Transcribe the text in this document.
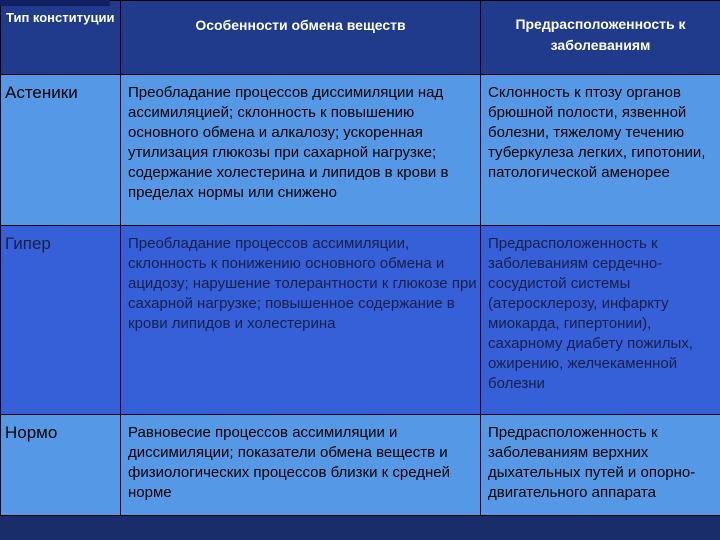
Тип конституции	Особенности обмена веществ	Предрасположенность к заболеваниям

Астеники	Преобладание процессов диссимиляции над ассимиляцией; склонность к повышению основного обмена и алкалозу; ускоренная утилизация глюкозы при сахарной нагрузке; содержание холестерина и липидов в крови в пределах нормы или снижено	Склонность к птозу органов брюшной полости, язвенной болезни, тяжелому течению туберкулеза легких, гипотонии, патологической аменорее

Гипер	Преобладание процессов ассимиляции, склонность к понижению основного обмена и ацидозу; нарушение толерантности к глюкозе при сахарной нагрузке; повышенное содержание в крови липидов и холестерина	Предрасположенность к заболеваниям сердечно-сосудистой системы (атеросклерозу, инфаркту миокарда, гипертонии), сахарному диабету пожилых, ожирению, желчекаменной болезни

Нормо	Равновесие процессов ассимиляции и диссимиляции; показатели обмена веществ и физиологических процессов близки к средней норме	Предрасположенность к заболеваниям верхних дыхательных путей и опорно-двигательного аппарата
